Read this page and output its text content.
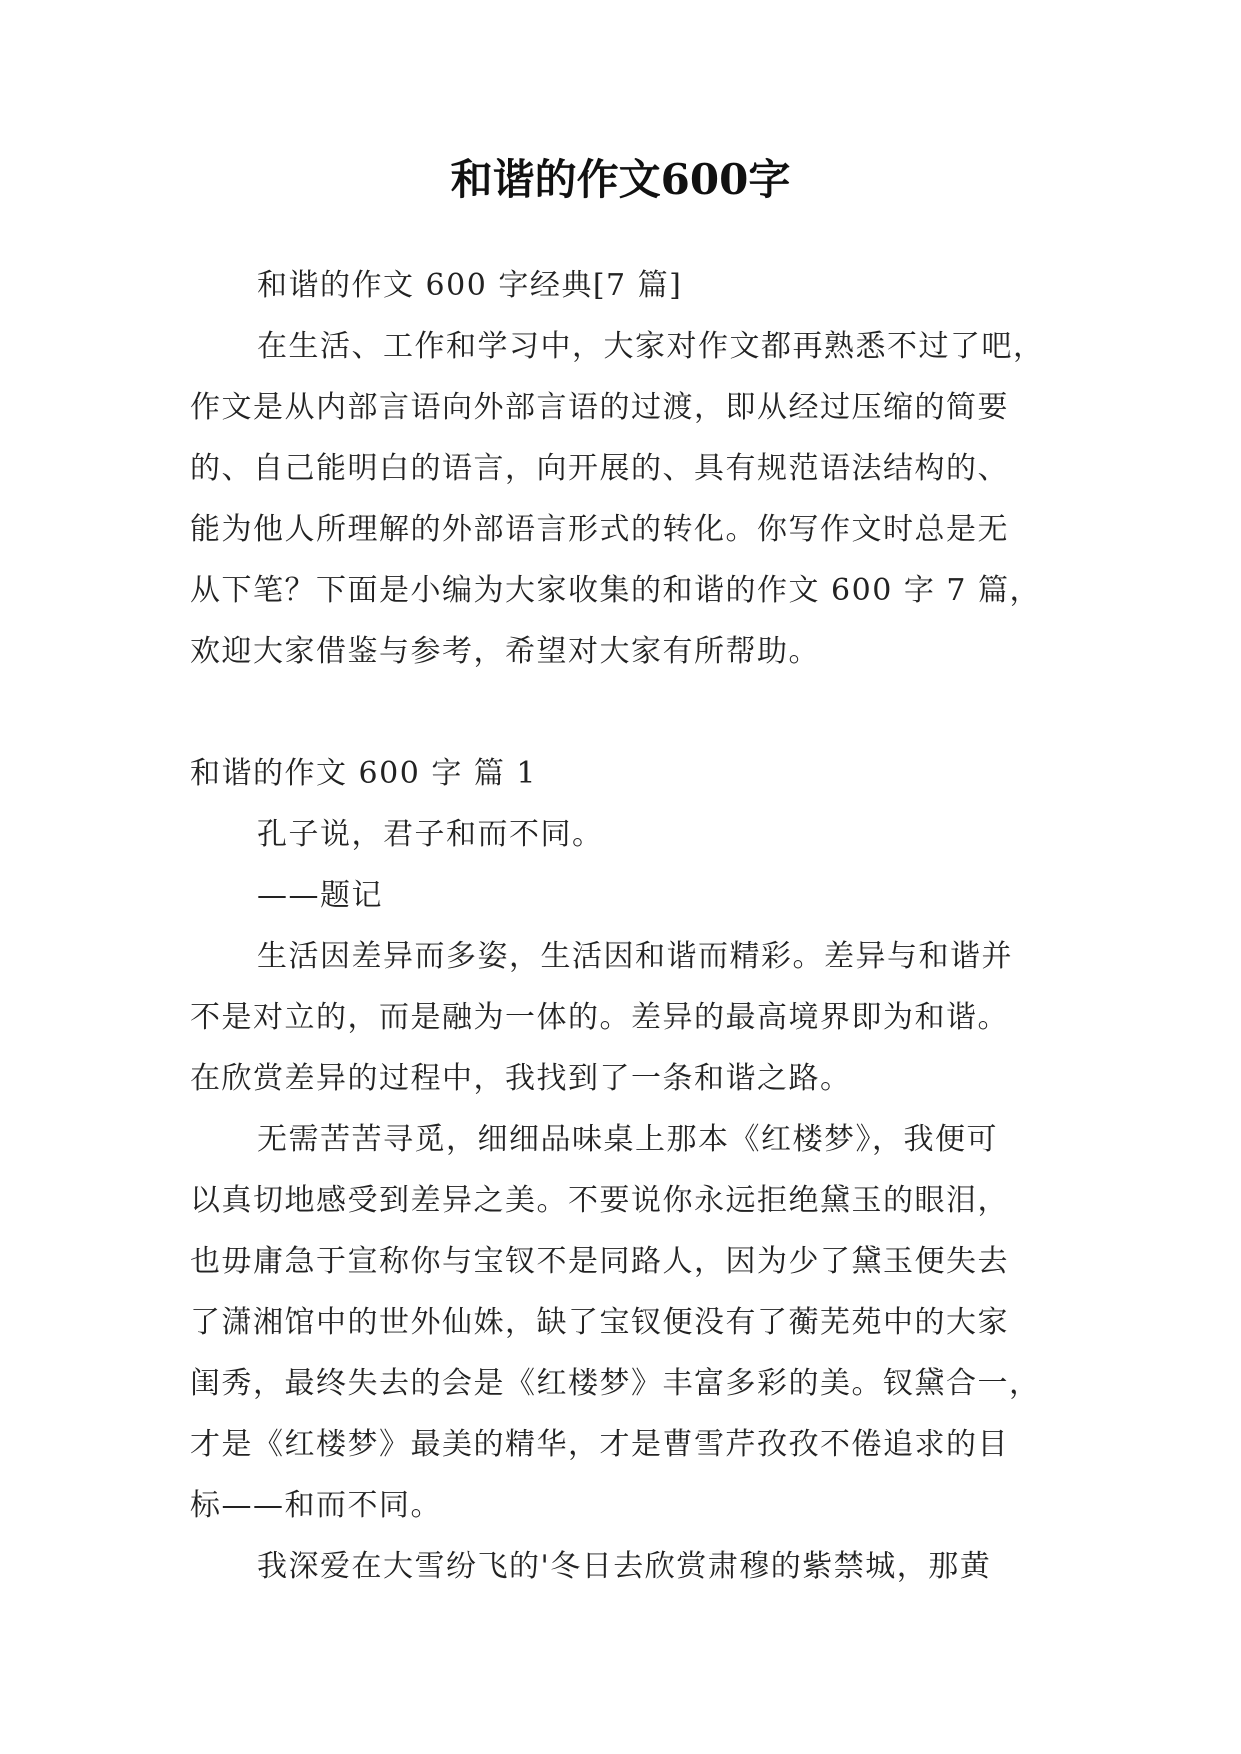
和谐的作文600字
和谐的作文 600 字经典[7 篇]
在生活、工作和学习中，大家对作文都再熟悉不过了吧，
作文是从内部言语向外部言语的过渡，即从经过压缩的简要
的、自己能明白的语言，向开展的、具有规范语法结构的、
能为他人所理解的外部语言形式的转化。你写作文时总是无
从下笔？下面是小编为大家收集的和谐的作文 600 字 7 篇，
欢迎大家借鉴与参考，希望对大家有所帮助。
和谐的作文 600 字 篇 1
孔子说，君子和而不同。
——题记
生活因差异而多姿，生活因和谐而精彩。差异与和谐并
不是对立的，而是融为一体的。差异的最高境界即为和谐。
在欣赏差异的过程中，我找到了一条和谐之路。
无需苦苦寻觅，细细品味桌上那本《红楼梦》，我便可
以真切地感受到差异之美。不要说你永远拒绝黛玉的眼泪，
也毋庸急于宣称你与宝钗不是同路人，因为少了黛玉便失去
了潇湘馆中的世外仙姝，缺了宝钗便没有了蘅芜苑中的大家
闺秀，最终失去的会是《红楼梦》丰富多彩的美。钗黛合一，
才是《红楼梦》最美的精华，才是曹雪芹孜孜不倦追求的目
标——和而不同。
我深爱在大雪纷飞的'冬日去欣赏肃穆的紫禁城，那黄
